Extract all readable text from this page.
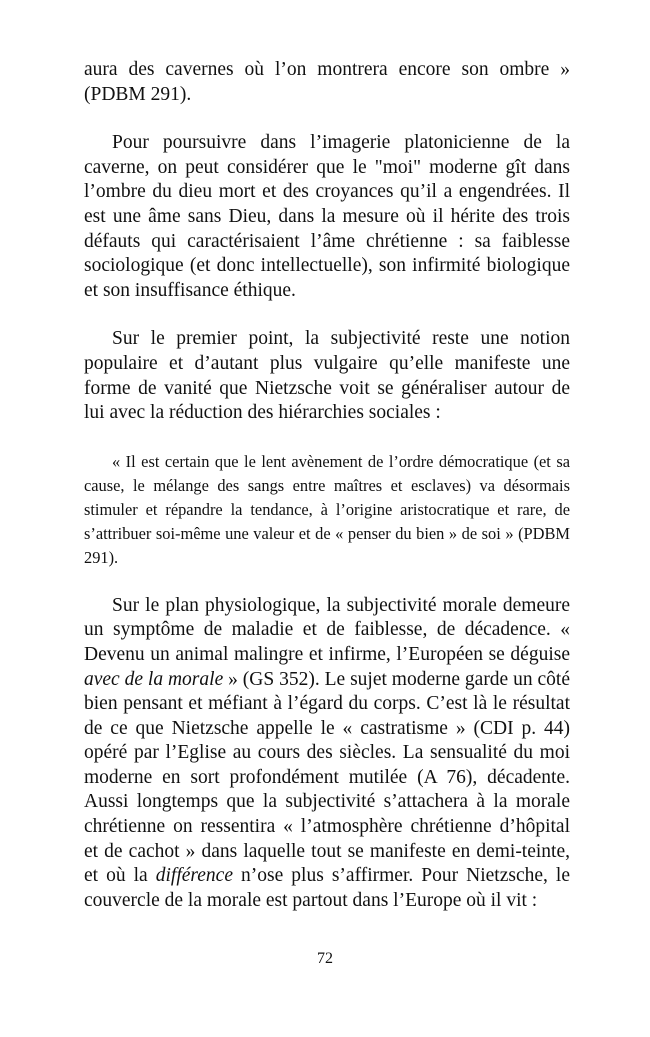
aura des cavernes où l’on montrera encore son ombre » (PDBM 291).

Pour poursuivre dans l’imagerie platonicienne de la caverne, on peut considérer que le "moi" moderne gît dans l’ombre du dieu mort et des croyances qu’il a engendrées. Il est une âme sans Dieu, dans la mesure où il hérite des trois défauts qui caractérisaient l’âme chrétienne : sa faiblesse sociologique (et donc intellectuelle), son infirmité biologique et son insuffisance éthique.

Sur le premier point, la subjectivité reste une notion populaire et d’autant plus vulgaire qu’elle manifeste une forme de vanité que Nietzsche voit se généraliser autour de lui avec la réduction des hiérarchies sociales :

« Il est certain que le lent avènement de l’ordre démocratique (et sa cause, le mélange des sangs entre maîtres et esclaves) va désormais stimuler et répandre la tendance, à l’origine aristocratique et rare, de s’attribuer soi-même une valeur et de « penser du bien » de soi » (PDBM 291).

Sur le plan physiologique, la subjectivité morale demeure un symptôme de maladie et de faiblesse, de décadence. « Devenu un animal malingre et infirme, l’Européen se déguise avec de la morale » (GS 352). Le sujet moderne garde un côté bien pensant et méfiant à l’égard du corps. C’est là le résultat de ce que Nietzsche appelle le « castratisme » (CDI p. 44) opéré par l’Eglise au cours des siècles. La sensualité du moi moderne en sort profondément mutilée (A 76), décadente. Aussi longtemps que la subjectivité s’attachera à la morale chrétienne on ressentira « l’atmosphère chrétienne d’hôpital et de cachot » dans laquelle tout se manifeste en demi-teinte, et où la différence n’ose plus s’affirmer. Pour Nietzsche, le couvercle de la morale est partout dans l’Europe où il vit :

72
